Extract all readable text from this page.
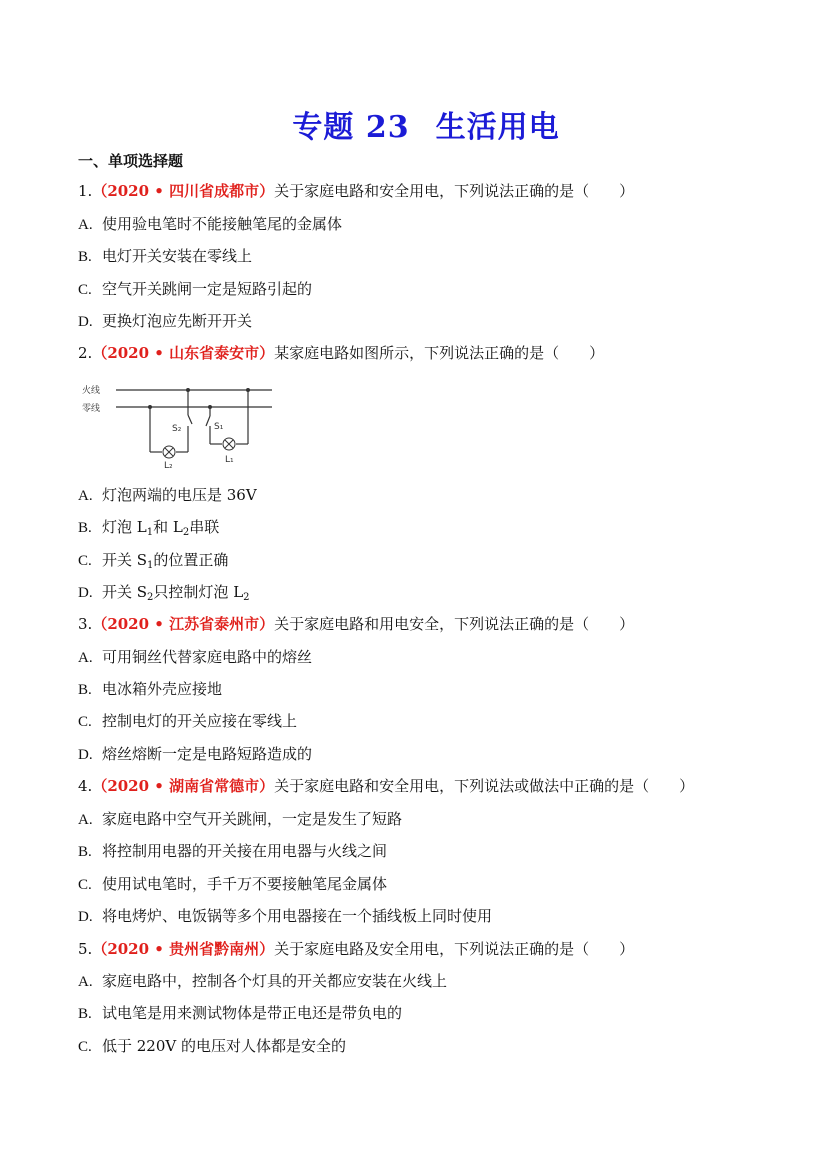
专题 23 生活用电
一、单项选择题
1.（2020 • 四川省成都市）关于家庭电路和安全用电，下列说法正确的是（　　）
A. 使用验电笔时不能接触笔尾的金属体
B. 电灯开关安装在零线上
C. 空气开关跳闸一定是短路引起的
D. 更换灯泡应先断开开关
2.（2020 • 山东省泰安市）某家庭电路如图所示，下列说法正确的是（　　）
火线
零线
S₂	S₁
L₂
L₁
A. 灯泡两端的电压是 36V
B. 灯泡 $L_1$和 $L_2$串联
C. 开关 $S_1$的位置正确
D. 开关 $S_2$只控制灯泡 $L_2$
3.（2020 • 江苏省泰州市）关于家庭电路和用电安全，下列说法正确的是（　　）
A. 可用铜丝代替家庭电路中的熔丝
B. 电冰箱外壳应接地
C. 控制电灯的开关应接在零线上
D. 熔丝熔断一定是电路短路造成的
4.（2020 • 湖南省常德市）关于家庭电路和安全用电，下列说法或做法中正确的是（　　）
A. 家庭电路中空气开关跳闸，一定是发生了短路
B. 将控制用电器的开关接在用电器与火线之间
C. 使用试电笔时，手千万不要接触笔尾金属体
D. 将电烤炉、电饭锅等多个用电器接在一个插线板上同时使用
5.（2020 • 贵州省黔南州）关于家庭电路及安全用电，下列说法正确的是（　　）
A. 家庭电路中，控制各个灯具的开关都应安装在火线上
B. 试电笔是用来测试物体是带正电还是带负电的
C. 低于 220V 的电压对人体都是安全的
